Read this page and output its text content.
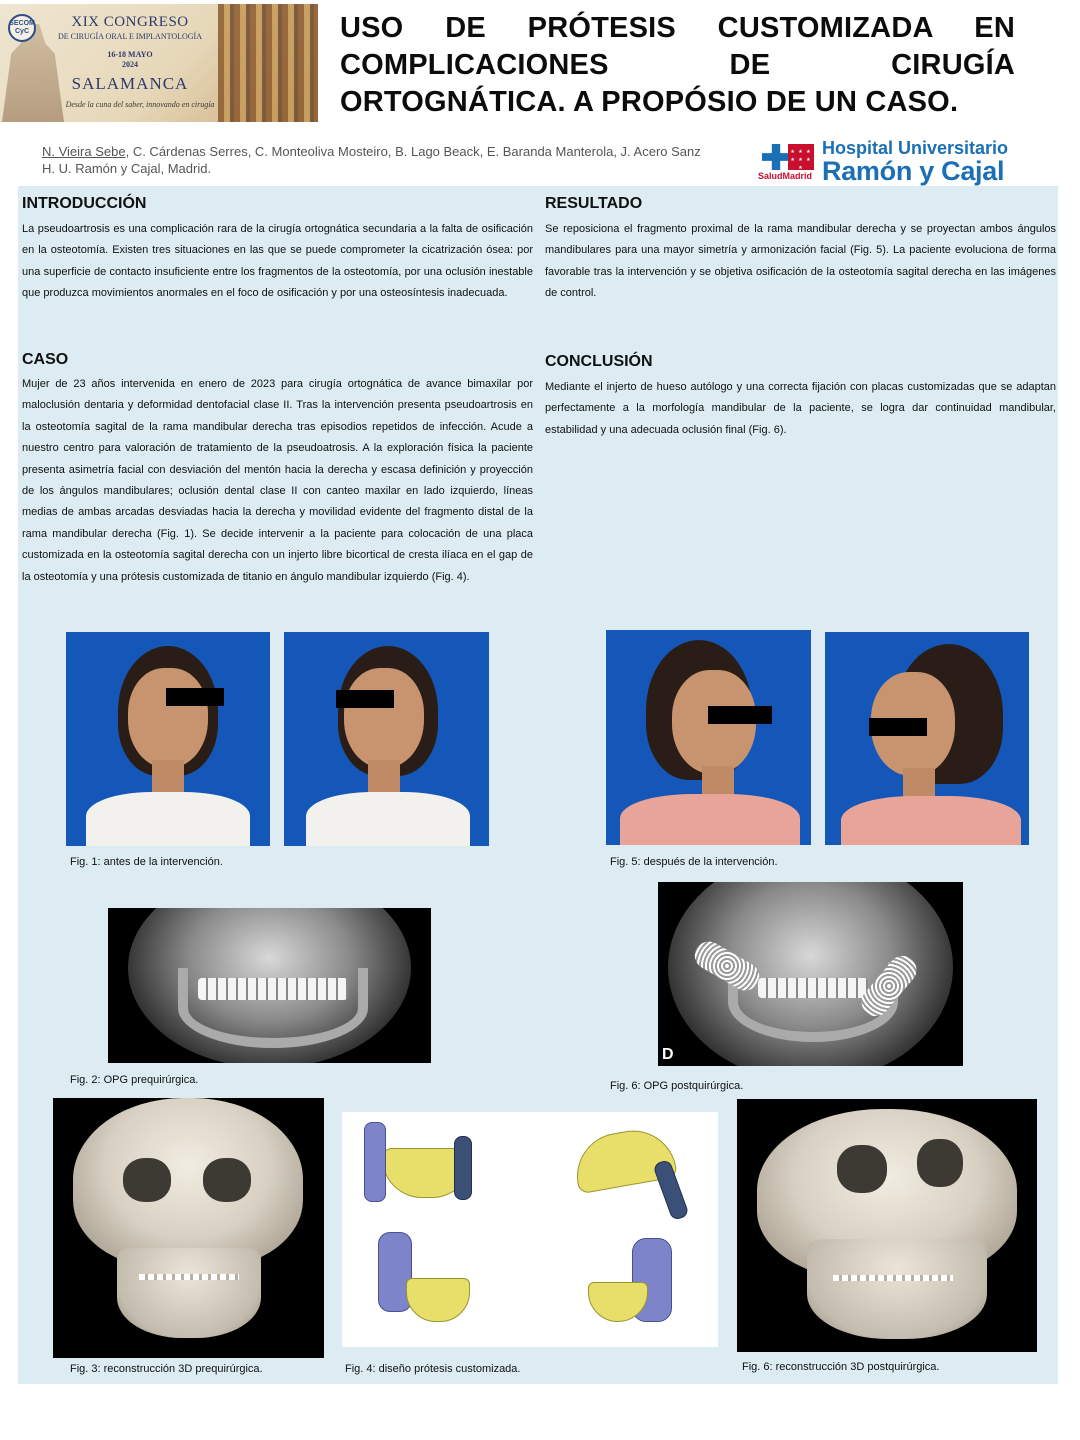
SECOM CyC
XIX CONGRESO
DE CIRUGÍA ORAL E IMPLANTOLOGÍA
16-18 MAYO
2024
SALAMANCA
Desde la cuna del saber, innovando en cirugía
USO DE PRÓTESIS CUSTOMIZADA EN COMPLICACIONES DE CIRUGÍA ORTOGNÁTICA. A PROPÓSIO DE UN CASO.
N. Vieira Sebe, C. Cárdenas Serres, C. Monteoliva Mosteiro, B. Lago Beack, E. Baranda Manterola, J. Acero Sanz
H. U. Ramón y Cajal, Madrid.
★ ★ ★ ★ ★ ★ ★
SaludMadrid
Hospital Universitario
Ramón y Cajal
INTRODUCCIÓN

La pseudoartrosis es una complicación rara de la cirugía ortognática secundaria a la falta de osificación en la osteotomía. Existen tres situaciones en las que se puede comprometer la cicatrización ósea: por una superficie de contacto insuficiente entre los fragmentos de la osteotomía, por una oclusión inestable que produzca movimientos anormales en el foco de osificación y por una osteosíntesis inadecuada.

CASO

Mujer de 23 años intervenida en enero de 2023 para cirugía ortognática de avance bimaxilar por maloclusión dentaria y deformidad dentofacial clase II. Tras la intervención presenta pseudoartrosis en la osteotomía sagital de la rama mandibular derecha tras episodios repetidos de infección. Acude a nuestro centro para valoración de tratamiento de la pseudoatrosis. A la exploración física la paciente presenta asimetría facial con desviación del mentón hacia la derecha y escasa definición y proyección de los ángulos mandibulares; oclusión dental clase II con canteo maxilar en lado izquierdo, líneas medias de ambas arcadas desviadas hacia la derecha y movilidad evidente del fragmento distal de la rama mandibular derecha (Fig. 1). Se decide intervenir a la paciente para colocación de una placa customizada en la osteotomía sagital derecha con un injerto libre bicortical de cresta ilíaca en el gap de la osteotomía y una prótesis customizada de titanio en ángulo mandibular izquierdo (Fig. 4).

RESULTADO

Se reposiciona el fragmento proximal de la rama mandibular derecha y se proyectan ambos ángulos mandibulares para una mayor simetría y armonización facial (Fig. 5). La paciente evoluciona de forma favorable tras la intervención y se objetiva osificación de la osteotomía sagital derecha en las imágenes de control.

CONCLUSIÓN

Mediante el injerto de hueso autólogo y una correcta fijación con placas customizadas que se adaptan perfectamente a la morfología mandibular de la paciente, se logra dar continuidad mandibular, estabilidad y una adecuada oclusión final (Fig. 6).

Fig. 1: antes de la intervención.	Fig. 5: después de la intervención.
Fig. 2: OPG prequirúrgica.
D
Fig. 6: OPG postquirúrgica.
Fig. 3: reconstrucción 3D prequirúrgica.	Fig. 4: diseño prótesis customizada.	Fig. 6: reconstrucción 3D postquirúrgica.
